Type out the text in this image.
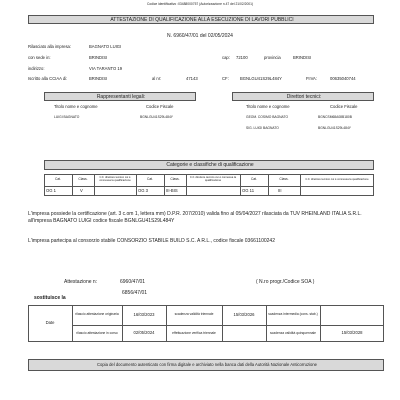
Codice identificativo :03488000757 (Autorizzazione n.47 del 21/02/2001)
ATTESTAZIONE DI QUALIFICAZIONE ALLA ESECUZIONE DI LAVORI PUBBLICI
N. 6960/47/01 del 02/05/2024
Rilasciato alla impresa:	BAGNATO LUIGI
con sede in:	BRINDISI	cap: 72100	provincia	BRINDISI
indirizzo:	VIA TARANTO 19
Iscritto alla CCIAA di:	BRINDISI	al nr:	47143	CF:	BGNLGU41S29L484Y	P.IVA:	00635040744
Rappresentanti legali:
Titolo nome e cognome	Codice Fiscale
LUIGI BAGNATO	BGNLGU41S29L484Y
Direttori tecnici:
Titolo nome e cognome	Codice Fiscale
GEOM. COSIMO BAGNATO	BGNCSM68A08B180B
SIG. LUIGI BAGNATO	BGNLGU41S29L484Y
Categorie e classifiche di qualificazione
Cat.	Class.	C.F. direttore tecnico cui è connessa la qualificazione	Cat.	Class.	C.F. direttore tecnico cui è connessa la qualificazione	Cat.	Class.	C.F. direttore tecnico cui è connessa la qualificazione
OG 1	V	OG 3	III-BIS	OG 11	III
L'impresa possiede la certificazione (art. 3 c.om 1, lettera mm) D.P.R. 207/2010) valida fino al 05/04/2027 rilasciata da TUV RHEINLAND ITALIA S.R.L. all'impresa BAGNATO LUIGI codice fiscale BGNLGU41S29L484Y
L'impresa partecipa al consorzio stabile CONSORZIO STABILE BUILD S.C. A R.L., codice fiscale 03661100242
Attestazione n:	6960/47/01	( N.ro progr./Codice SOA )
6856/47/01
sostituisce la
Date
rilascio attestazione originaria	16/03/2023	scadenza validità triennale	15/03/2026	scadenza intermedia (cons. stab.)
rilascio attestazione in corso	02/05/2024	effettuazione verifica triennale	scadenza validità quinquennale	15/03/2028
Copia del documento autenticato con firma digitale e archiviato nella banca dati della Autorità Nazionale Anticorruzione
